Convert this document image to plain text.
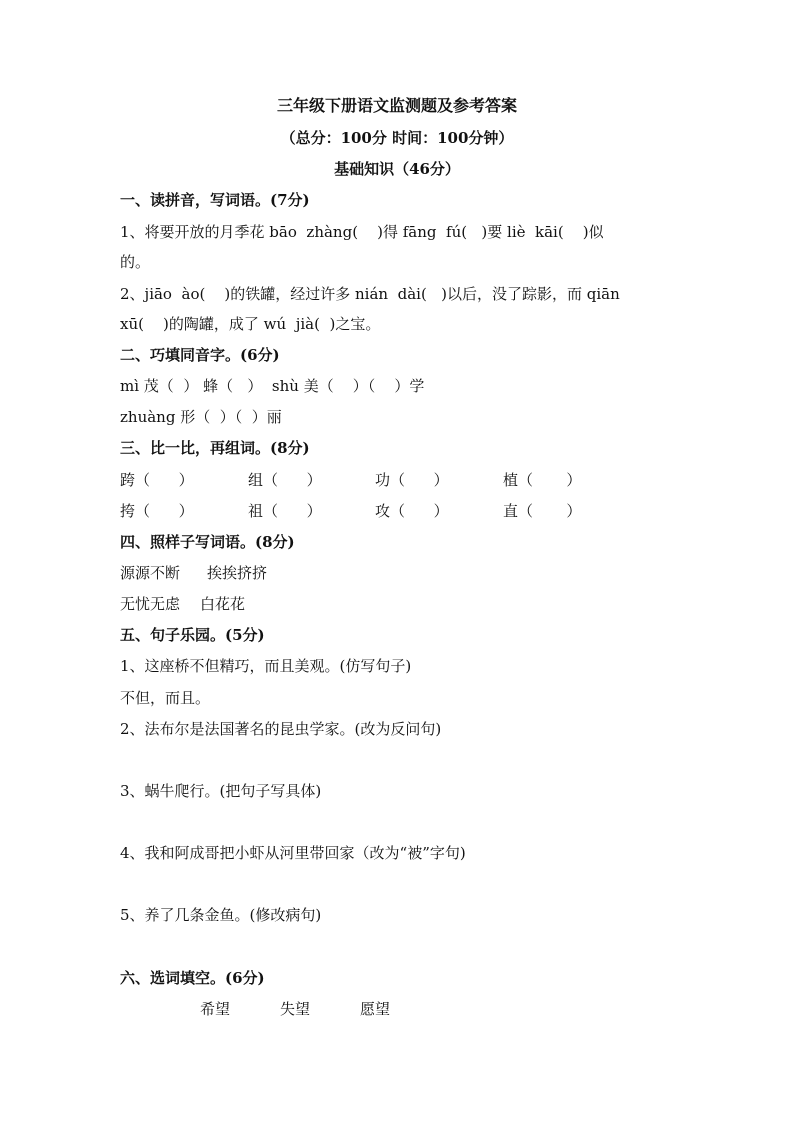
三年级下册语文监测题及参考答案
（总分：100分 时间：100分钟）
基础知识（46分）
一、读拼音，写词语。(7分)
1、将要开放的月季花 bāo  zhàng(    )得 fāng  fú(   )要 liè  kāi(    )似
的。
2、jiāo  ào(    )的铁罐，经过许多 nián  dài(   )以后，没了踪影，而 qiān
xū(    )的陶罐，成了 wú  jià(  )之宝。
二、巧填同音字。(6分)
mì 茂（  ） 蜂（   ）  shù 美（    ）（    ）学
zhuàng 形（  ）（  ）丽
三、比一比，再组词。(8分)
跨（      ）	组（      ）	功（      ）	植（       ）
挎（      ）	祖（      ）	攻（      ）	直（       ）
四、照样子写词语。(8分)
源源不断 挨挨挤挤
无忧无虑 白花花
五、句子乐园。(5分)
1、这座桥不但精巧，而且美观。(仿写句子)
不但，而且。
2、法布尔是法国著名的昆虫学家。(改为反问句)
3、蜗牛爬行。(把句子写具体)
4、我和阿成哥把小虾从河里带回家（改为“被”字句)
5、养了几条金鱼。(修改病句)
六、选词填空。(6分)
希望	失望	愿望
